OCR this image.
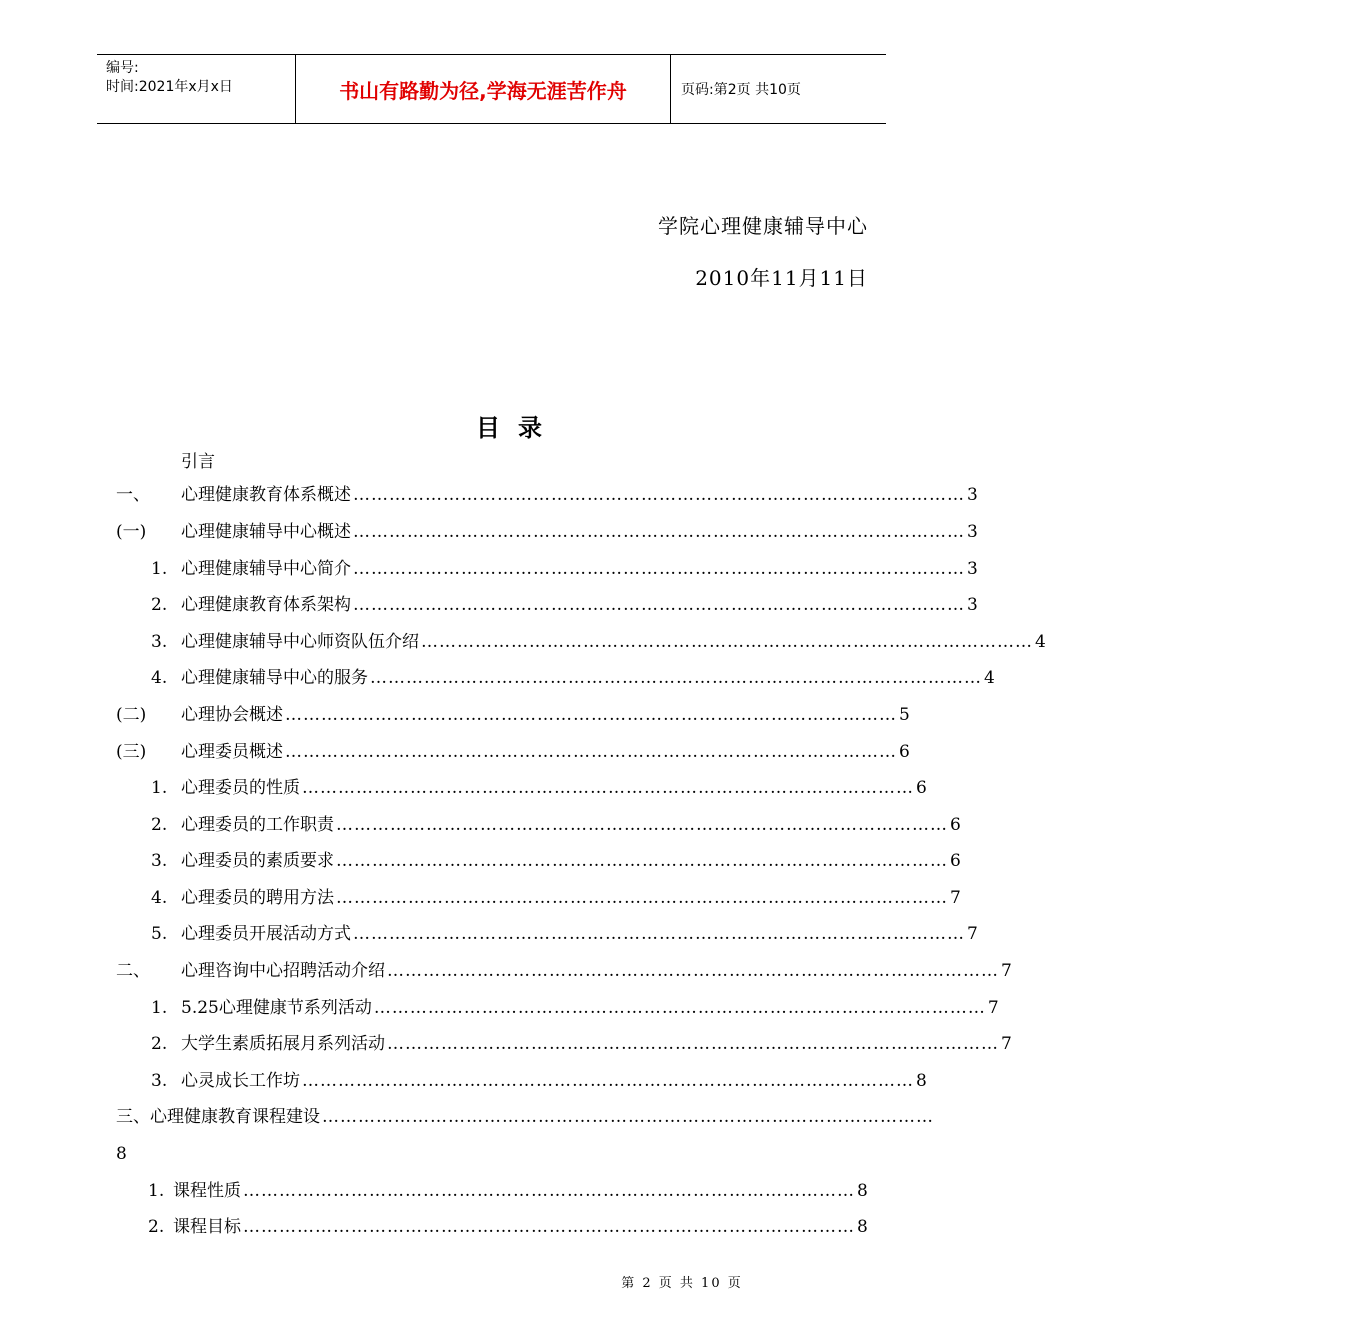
编号:
时间:2021年x月x日	书山有路勤为径,学海无涯苦作舟	页码:第2页 共10页
学院心理健康辅导中心
2010年11月11日
目录
引言
一、 心理健康教育体系概述 ………………………………………………………………………………………… 3
(一) 心理健康辅导中心概述 ………………………………………………………………………………………… 3
1. 心理健康辅导中心简介 ………………………………………………………………………………………… 3
2. 心理健康教育体系架构 ………………………………………………………………………………………… 3
3. 心理健康辅导中心师资队伍介绍 ………………………………………………………………………………………… 4
4. 心理健康辅导中心的服务 ………………………………………………………………………………………… 4
(二) 心理协会概述 ………………………………………………………………………………………… 5
(三) 心理委员概述 ………………………………………………………………………………………… 6
1. 心理委员的性质 ………………………………………………………………………………………… 6
2. 心理委员的工作职责 ………………………………………………………………………………………… 6
3. 心理委员的素质要求 ………………………………………………………………………………………… 6
4. 心理委员的聘用方法 ………………………………………………………………………………………… 7
5. 心理委员开展活动方式 ………………………………………………………………………………………… 7
二、 心理咨询中心招聘活动介绍 ………………………………………………………………………………………… 7
1. 5.25心理健康节系列活动 ………………………………………………………………………………………… 7
2. 大学生素质拓展月系列活动 ………………………………………………………………………………………… 7
3. 心灵成长工作坊 ………………………………………………………………………………………… 8
三、 心理健康教育课程建设 …………………………………………………………………………………………
8
1. 课程性质 ………………………………………………………………………………………… 8
2. 课程目标 ………………………………………………………………………………………… 8
第 2 页 共 10 页
